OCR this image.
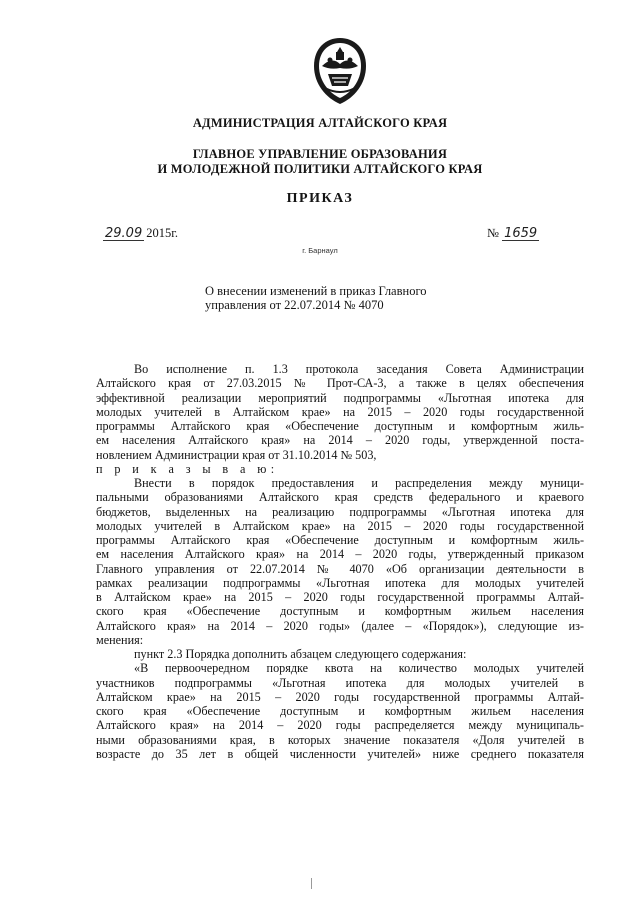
АДМИНИСТРАЦИЯ АЛТАЙСКОГО КРАЯ
ГЛАВНОЕ УПРАВЛЕНИЕ ОБРАЗОВАНИЯ
И МОЛОДЕЖНОЙ ПОЛИТИКИ АЛТАЙСКОГО КРАЯ
ПРИКАЗ
29.09 2015г.	№ 1659
г. Барнаул
О внесении изменений в приказ Главного
управления от 22.07.2014 № 4070
Во исполнение п. 1.3 протокола заседания Совета Администрации
Алтайского края от 27.03.2015 № Прот-СА-3, а также в целях обеспечения
эффективной реализации мероприятий подпрограммы «Льготная ипотека для
молодых учителей в Алтайском крае» на 2015 – 2020 годы государственной
программы Алтайского края «Обеспечение доступным и комфортным жиль-
ем населения Алтайского края» на 2014 – 2020 годы, утвержденной поста-
новлением Администрации края от 31.10.2014 № 503,
п р и к а з ы в а ю:
Внести в порядок предоставления и распределения между муници-
пальными образованиями Алтайского края средств федерального и краевого
бюджетов, выделенных на реализацию подпрограммы «Льготная ипотека для
молодых учителей в Алтайском крае» на 2015 – 2020 годы государственной
программы Алтайского края «Обеспечение доступным и комфортным жиль-
ем населения Алтайского края» на 2014 – 2020 годы, утвержденный приказом
Главного управления от 22.07.2014 № 4070 «Об организации деятельности в
рамках реализации подпрограммы «Льготная ипотека для молодых учителей
в Алтайском крае» на 2015 – 2020 годы государственной программы Алтай-
ского края «Обеспечение доступным и комфортным жильем населения
Алтайского края» на 2014 – 2020 годы» (далее – «Порядок»), следующие из-
менения:
пункт 2.3 Порядка дополнить абзацем следующего содержания:
«В первоочередном порядке квота на количество молодых учителей
участников подпрограммы «Льготная ипотека для молодых учителей в
Алтайском крае» на 2015 – 2020 годы государственной программы Алтай-
ского края «Обеспечение доступным и комфортным жильем населения
Алтайского края» на 2014 – 2020 годы распределяется между муниципаль-
ными образованиями края, в которых значение показателя «Доля учителей в
возрасте до 35 лет в общей численности учителей» ниже среднего показателя
